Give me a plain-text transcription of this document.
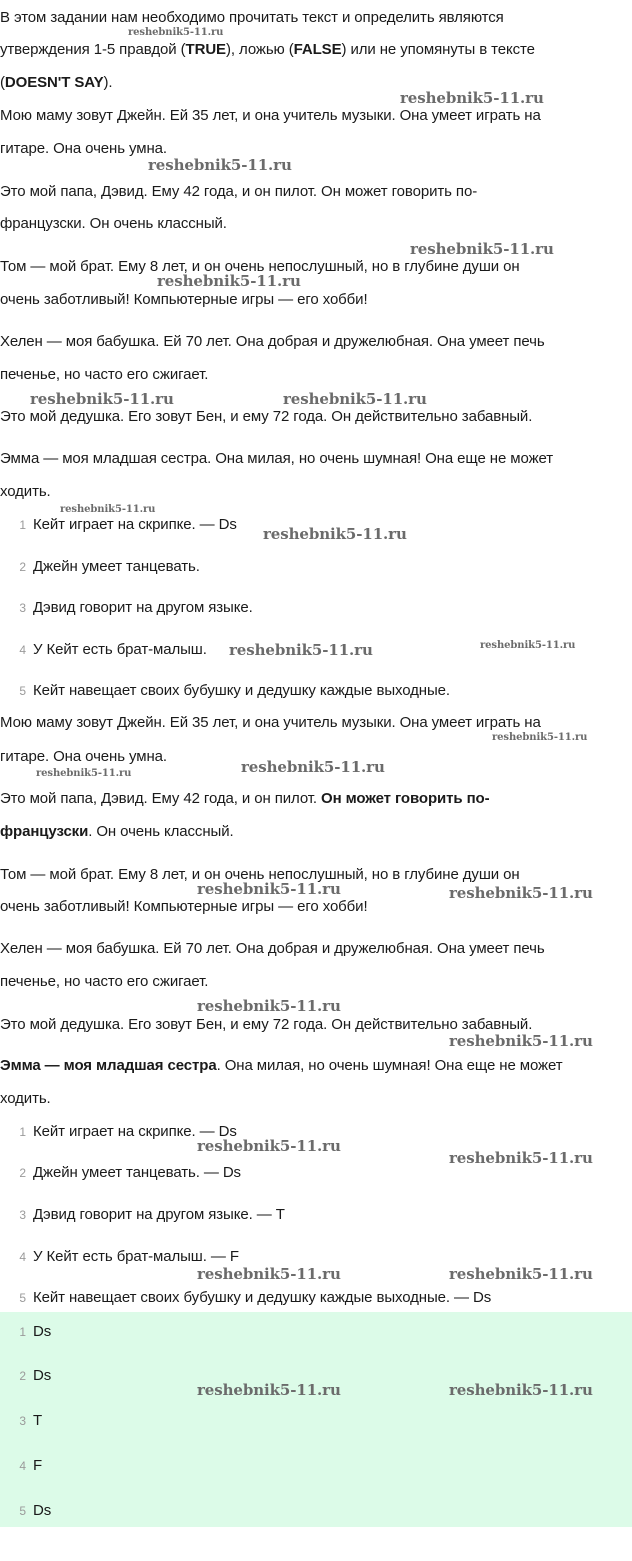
В этом задании нам необходимо прочитать текст и определить являются
утверждения 1-5 правдой (TRUE), ложью (FALSE) или не упомянуты в тексте
(DOESN'T SAY).
Мою маму зовут Джейн. Ей 35 лет, и она учитель музыки. Она умеет играть на
гитаре. Она очень умна.
Это мой папа, Дэвид. Ему 42 года, и он пилот. Он может говорить по-
французски. Он очень классный.
Том — мой брат. Ему 8 лет, и он очень непослушный, но в глубине души он
очень заботливый! Компьютерные игры — его хобби!
Хелен — моя бабушка. Ей 70 лет. Она добрая и дружелюбная. Она умеет печь
печенье, но часто его сжигает.
Это мой дедушка. Его зовут Бен, и ему 72 года. Он действительно забавный.
Эмма — моя младшая сестра. Она милая, но очень шумная! Она еще не может
ходить.
1 Кейт играет на скрипке. — Ds
2 Джейн умеет танцевать.
3 Дэвид говорит на другом языке.
4 У Кейт есть брат-малыш.
5 Кейт навещает своих бубушку и дедушку каждые выходные.
Мою маму зовут Джейн. Ей 35 лет, и она учитель музыки. Она умеет играть на
гитаре. Она очень умна.
Это мой папа, Дэвид. Ему 42 года, и он пилот. Он может говорить по-
французски. Он очень классный.
Том — мой брат. Ему 8 лет, и он очень непослушный, но в глубине души он
очень заботливый! Компьютерные игры — его хобби!
Хелен — моя бабушка. Ей 70 лет. Она добрая и дружелюбная. Она умеет печь
печенье, но часто его сжигает.
Это мой дедушка. Его зовут Бен, и ему 72 года. Он действительно забавный.
Эмма — моя младшая сестра. Она милая, но очень шумная! Она еще не может
ходить.
1 Кейт играет на скрипке. — Ds
2 Джейн умеет танцевать. — Ds
3 Дэвид говорит на другом языке. — T
4 У Кейт есть брат-малыш. — F
5 Кейт навещает своих бубушку и дедушку каждые выходные. — Ds
1 Ds
2 Ds
3 T
4 F
5 Ds
reshebnik5-11.ru
reshebnik5-11.ru
reshebnik5-11.ru
reshebnik5-11.ru
reshebnik5-11.ru
reshebnik5-11.ru	reshebnik5-11.ru
reshebnik5-11.ru
reshebnik5-11.ru
reshebnik5-11.ru	reshebnik5-11.ru
reshebnik5-11.ru
reshebnik5-11.ru	reshebnik5-11.ru
reshebnik5-11.ru	reshebnik5-11.ru
reshebnik5-11.ru
reshebnik5-11.ru
reshebnik5-11.ru
reshebnik5-11.ru
reshebnik5-11.ru	reshebnik5-11.ru
reshebnik5-11.ru	reshebnik5-11.ru
